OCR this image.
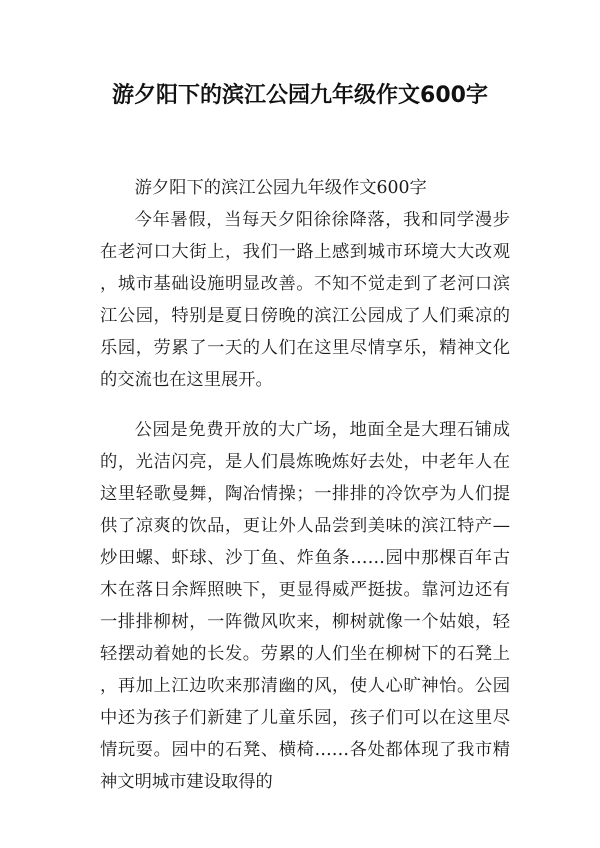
游夕阳下的滨江公园九年级作文600字

游夕阳下的滨江公园九年级作文600字

今年暑假，当每天夕阳徐徐降落，我和同学漫步在老河口大街上，我们一路上感到城市环境大大改观，城市基础设施明显改善。不知不觉走到了老河口滨江公园，特别是夏日傍晚的滨江公园成了人们乘凉的乐园，劳累了一天的人们在这里尽情享乐，精神文化的交流也在这里展开。

公园是免费开放的大广场，地面全是大理石铺成的，光洁闪亮，是人们晨炼晚炼好去处，中老年人在这里轻歌曼舞，陶冶情操；一排排的冷饮亭为人们提供了凉爽的饮品，更让外人品尝到美味的滨江特产—炒田螺、虾球、沙丁鱼、炸鱼条……园中那棵百年古木在落日余辉照映下，更显得威严挺拔。靠河边还有一排排柳树，一阵微风吹来，柳树就像一个姑娘，轻轻摆动着她的长发。劳累的人们坐在柳树下的石凳上，再加上江边吹来那清幽的风，使人心旷神怡。公园中还为孩子们新建了儿童乐园，孩子们可以在这里尽情玩耍。园中的石凳、横椅……各处都体现了我市精神文明城市建设取得的
